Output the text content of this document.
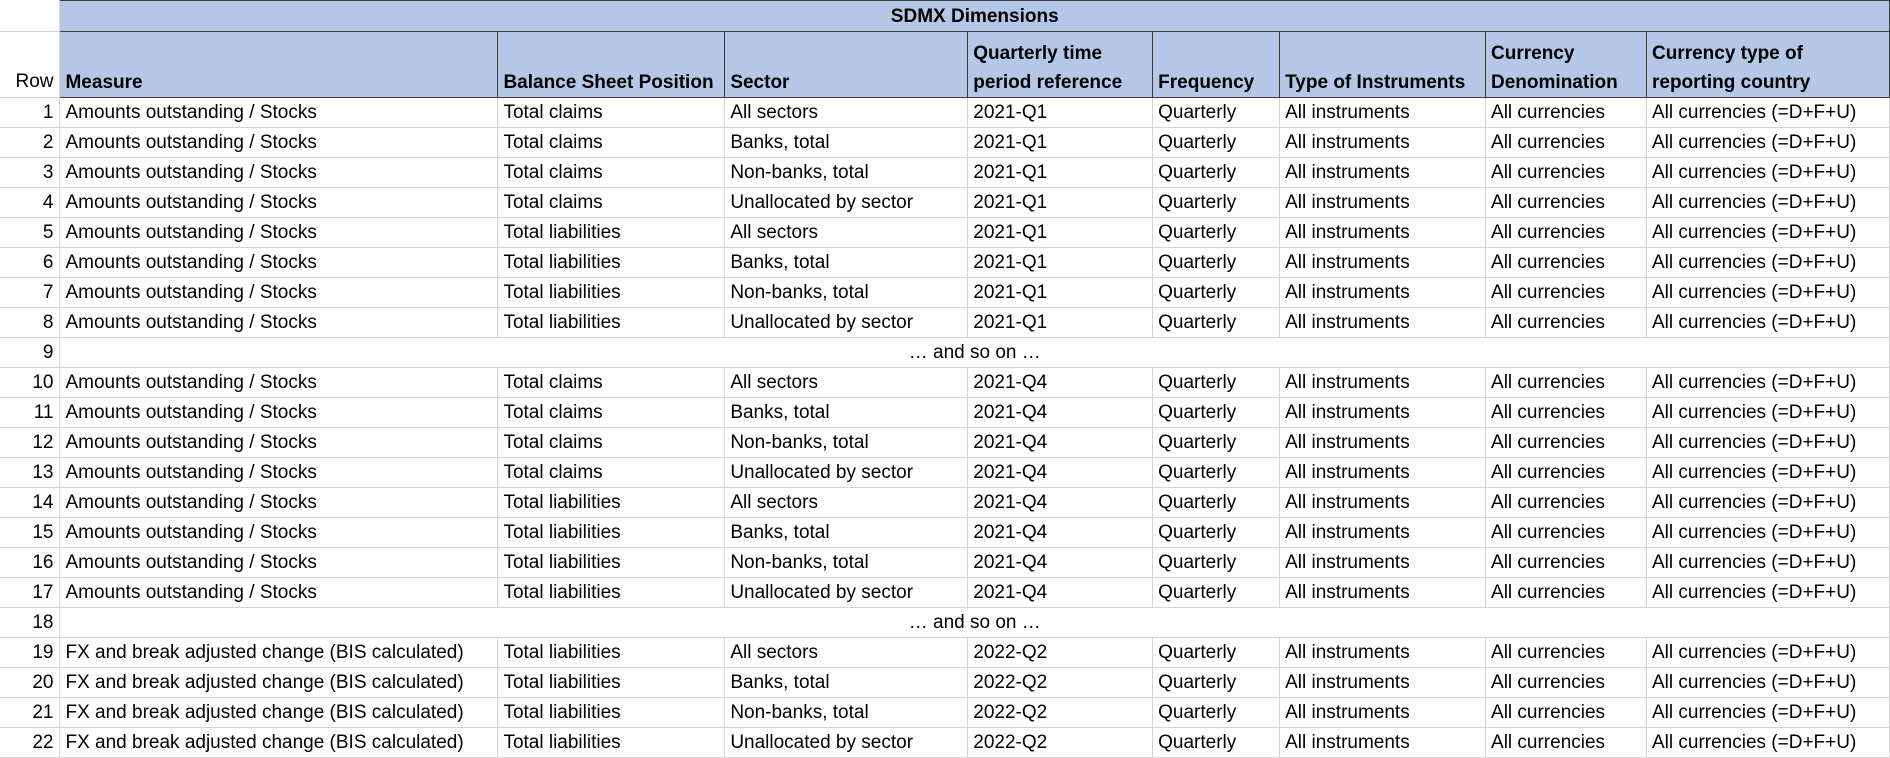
	SDMX Dimensions							
Row	Measure	Balance Sheet Position	Sector	Quarterly time period reference	Frequency	Type of Instruments	Currency Denomination	Currency type of reporting country
1	Amounts outstanding / Stocks	Total claims	All sectors	2021-Q1	Quarterly	All instruments	All currencies	All currencies (=D+F+U)
2	Amounts outstanding / Stocks	Total claims	Banks, total	2021-Q1	Quarterly	All instruments	All currencies	All currencies (=D+F+U)
3	Amounts outstanding / Stocks	Total claims	Non-banks, total	2021-Q1	Quarterly	All instruments	All currencies	All currencies (=D+F+U)
4	Amounts outstanding / Stocks	Total claims	Unallocated by sector	2021-Q1	Quarterly	All instruments	All currencies	All currencies (=D+F+U)
5	Amounts outstanding / Stocks	Total liabilities	All sectors	2021-Q1	Quarterly	All instruments	All currencies	All currencies (=D+F+U)
6	Amounts outstanding / Stocks	Total liabilities	Banks, total	2021-Q1	Quarterly	All instruments	All currencies	All currencies (=D+F+U)
7	Amounts outstanding / Stocks	Total liabilities	Non-banks, total	2021-Q1	Quarterly	All instruments	All currencies	All currencies (=D+F+U)
8	Amounts outstanding / Stocks	Total liabilities	Unallocated by sector	2021-Q1	Quarterly	All instruments	All currencies	All currencies (=D+F+U)
9	… and so on …							
10	Amounts outstanding / Stocks	Total claims	All sectors	2021-Q4	Quarterly	All instruments	All currencies	All currencies (=D+F+U)
11	Amounts outstanding / Stocks	Total claims	Banks, total	2021-Q4	Quarterly	All instruments	All currencies	All currencies (=D+F+U)
12	Amounts outstanding / Stocks	Total claims	Non-banks, total	2021-Q4	Quarterly	All instruments	All currencies	All currencies (=D+F+U)
13	Amounts outstanding / Stocks	Total claims	Unallocated by sector	2021-Q4	Quarterly	All instruments	All currencies	All currencies (=D+F+U)
14	Amounts outstanding / Stocks	Total liabilities	All sectors	2021-Q4	Quarterly	All instruments	All currencies	All currencies (=D+F+U)
15	Amounts outstanding / Stocks	Total liabilities	Banks, total	2021-Q4	Quarterly	All instruments	All currencies	All currencies (=D+F+U)
16	Amounts outstanding / Stocks	Total liabilities	Non-banks, total	2021-Q4	Quarterly	All instruments	All currencies	All currencies (=D+F+U)
17	Amounts outstanding / Stocks	Total liabilities	Unallocated by sector	2021-Q4	Quarterly	All instruments	All currencies	All currencies (=D+F+U)
18	… and so on …							
19	FX and break adjusted change (BIS calculated)	Total liabilities	All sectors	2022-Q2	Quarterly	All instruments	All currencies	All currencies (=D+F+U)
20	FX and break adjusted change (BIS calculated)	Total liabilities	Banks, total	2022-Q2	Quarterly	All instruments	All currencies	All currencies (=D+F+U)
21	FX and break adjusted change (BIS calculated)	Total liabilities	Non-banks, total	2022-Q2	Quarterly	All instruments	All currencies	All currencies (=D+F+U)
22	FX and break adjusted change (BIS calculated)	Total liabilities	Unallocated by sector	2022-Q2	Quarterly	All instruments	All currencies	All currencies (=D+F+U)
